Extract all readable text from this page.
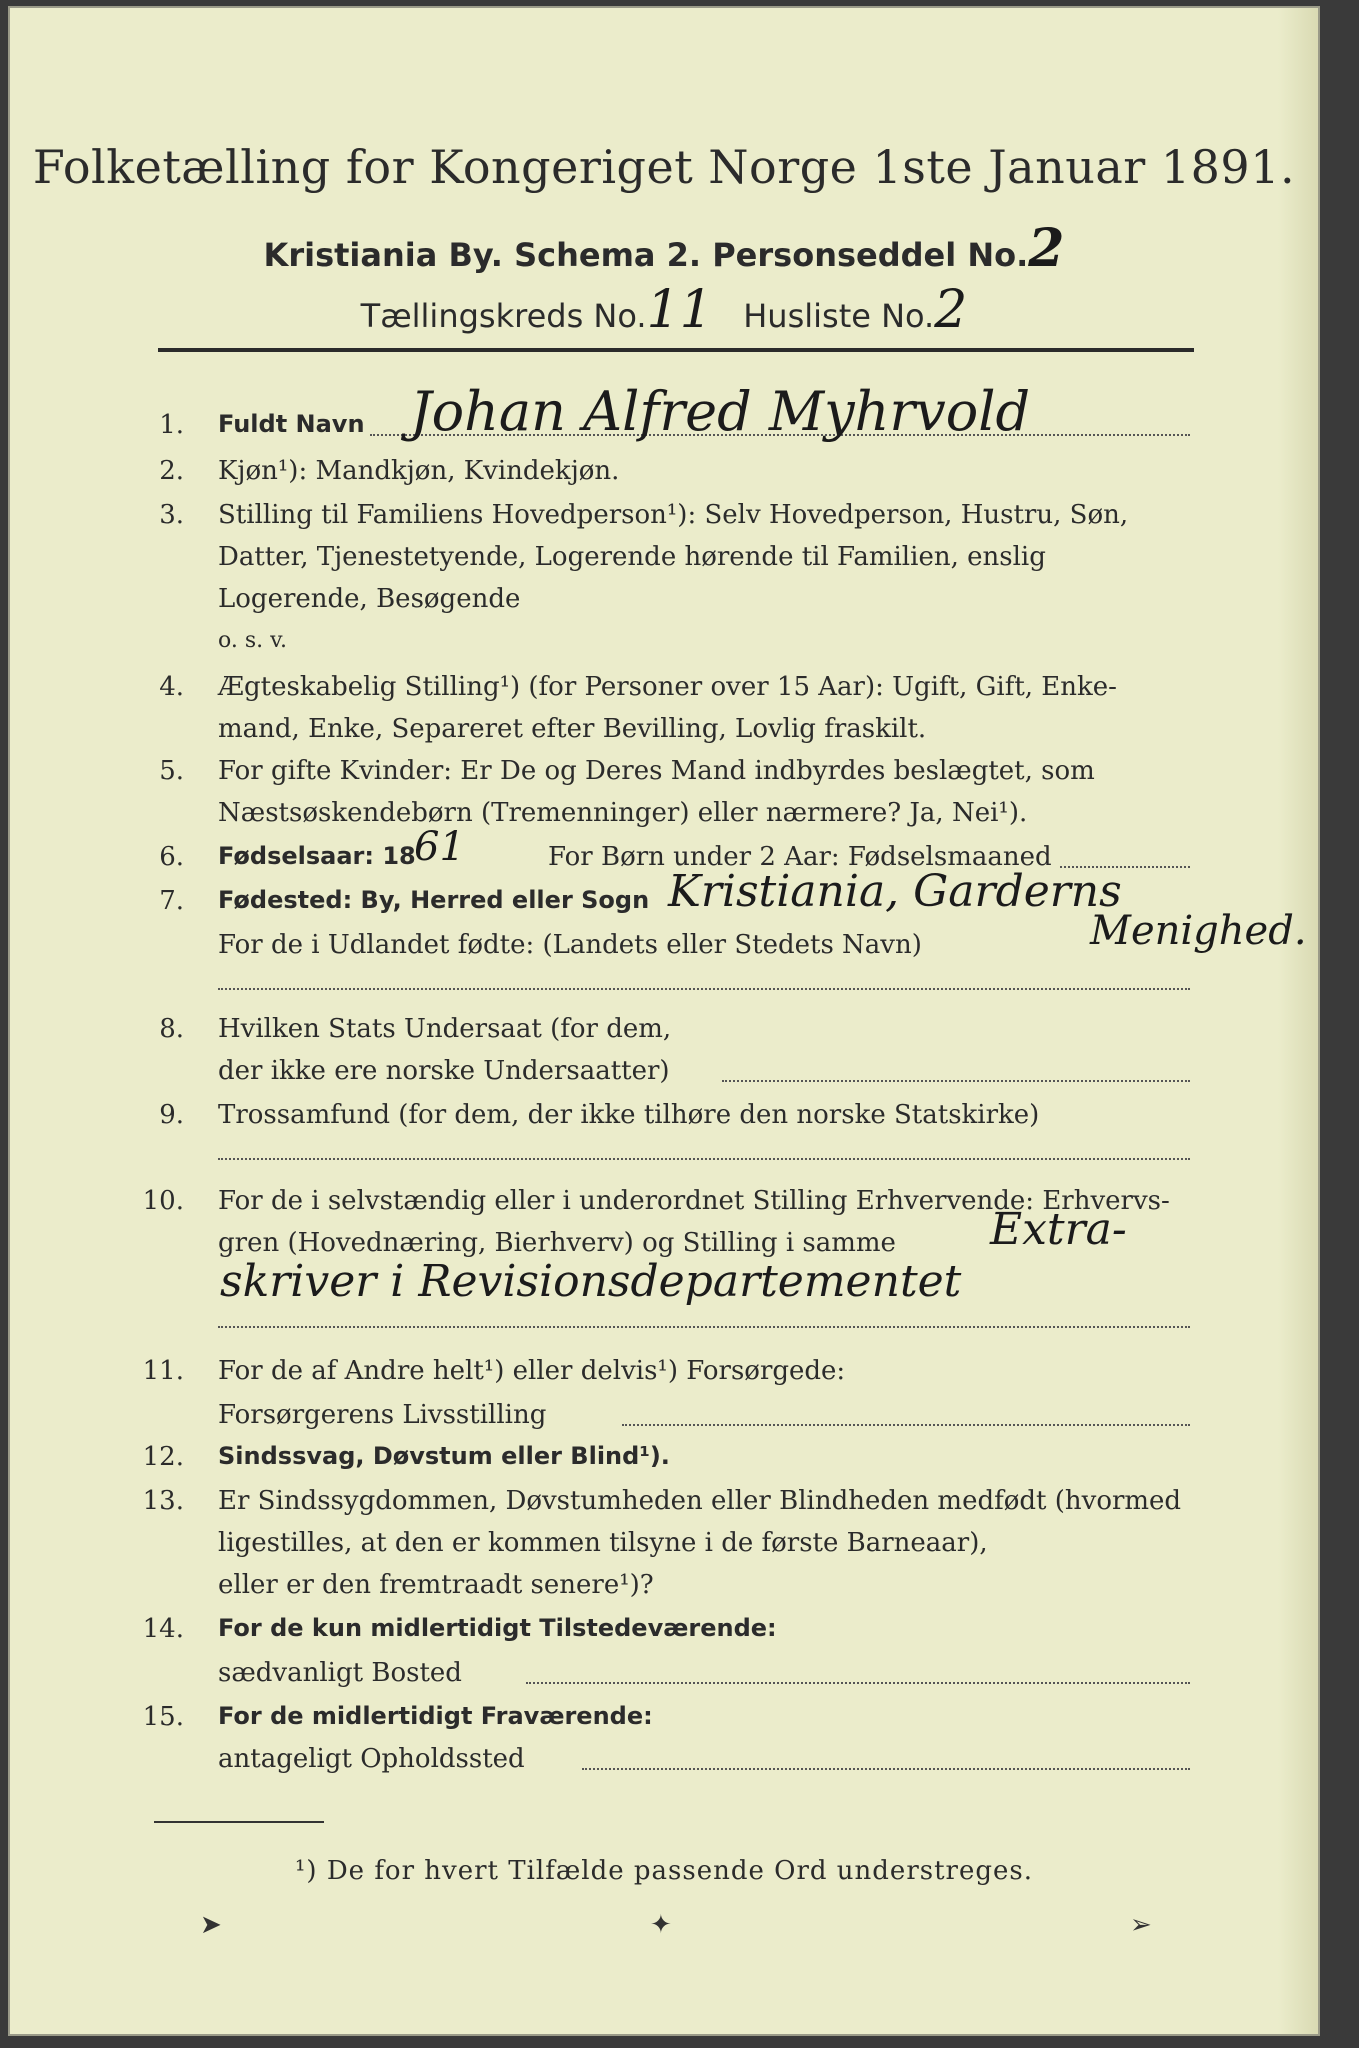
Folketælling for Kongeriget Norge 1ste Januar 1891.
Kristiania By. Schema 2. Personseddel No.2
Tællingskreds No.11 Husliste No.2
1. Fuldt Navn Johan Alfred Myhrvold
2. Kjøn¹): Mandkjøn, Kvindekjøn.
3. Stilling til Familiens Hovedperson¹): Selv Hovedperson, Hustru, Søn,
Datter, Tjenestetyende, Logerende hørende til Familien, enslig
Logerende, Besøgende
o. s. v.
4. Ægteskabelig Stilling¹) (for Personer over 15 Aar): Ugift, Gift, Enke-
mand, Enke, Separeret efter Bevilling, Lovlig fraskilt.
5. For gifte Kvinder: Er De og Deres Mand indbyrdes beslægtet, som
Næstsøskendebørn (Tremenninger) eller nærmere? Ja, Nei¹).
6. Fødselsaar: 18
61	For Børn under 2 Aar: Fødselsmaaned
7. Fødested: By, Herred eller Sogn Kristiania, Garderns
For de i Udlandet fødte: (Landets eller Stedets Navn)	Menighed.
8. Hvilken Stats Undersaat (for dem,
der ikke ere norske Undersaatter)
9. Trossamfund (for dem, der ikke tilhøre den norske Statskirke)
10. For de i selvstændig eller i underordnet Stilling Erhvervende: Erhvervs-
gren (Hovednæring, Bierhverv) og Stilling i samme Extra-
skriver i Revisionsdepartementet
11. For de af Andre helt¹) eller delvis¹) Forsørgede:
Forsørgerens Livsstilling
12. Sindssvag, Døvstum eller Blind¹).
13. Er Sindssygdommen, Døvstumheden eller Blindheden medfødt (hvormed
ligestilles, at den er kommen tilsyne i de første Barneaar),
eller er den fremtraadt senere¹)?
14. For de kun midlertidigt Tilstedeværende:
sædvanligt Bosted
15. For de midlertidigt Fraværende:
antageligt Opholdssted
¹) De for hvert Tilfælde passende Ord understreges.
➤	✦	➢
